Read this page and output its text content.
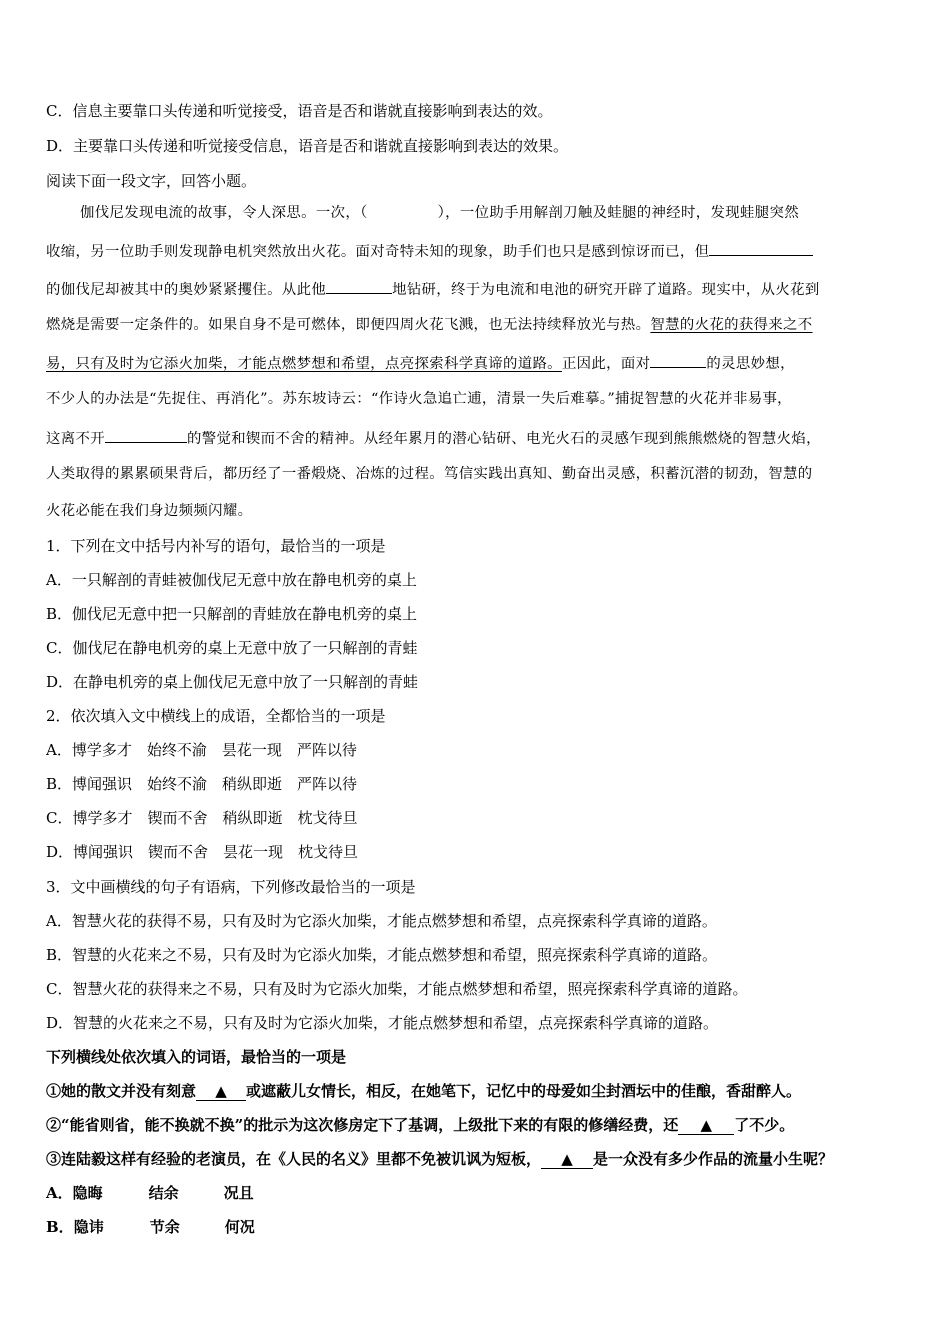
C．信息主要靠口头传递和听觉接受，语音是否和谐就直接影响到表达的效。
D．主要靠口头传递和听觉接受信息，语音是否和谐就直接影响到表达的效果。
阅读下面一段文字，回答小题。
伽伐尼发现电流的故事，令人深思。一次，（	），一位助手用解剖刀触及蛙腿的神经时，发现蛙腿突然
收缩，另一位助手则发现静电机突然放出火花。面对奇特未知的现象，助手们也只是感到惊讶而已，但
的伽伐尼却被其中的奥妙紧紧攫住。从此他	地钻研，终于为电流和电池的研究开辟了道路。现实中，从火花到
燃烧是需要一定条件的。如果自身不是可燃体，即便四周火花飞溅，也无法持续释放光与热。智慧的火花的获得来之不
易，只有及时为它添火加柴，才能点燃梦想和希望，点亮探索科学真谛的道路。正因此，面对	的灵思妙想，
不少人的办法是“先捉住、再消化”。苏东坡诗云：“作诗火急追亡逋，清景一失后难摹。”捕捉智慧的火花并非易事，
这离不开	的警觉和锲而不舍的精神。从经年累月的潜心钻研、电光火石的灵感乍现到熊熊燃烧的智慧火焰，
人类取得的累累硕果背后，都历经了一番煅烧、冶炼的过程。笃信实践出真知、勤奋出灵感，积蓄沉潜的韧劲，智慧的
火花必能在我们身边频频闪耀。
1．下列在文中括号内补写的语句，最恰当的一项是
A．一只解剖的青蛙被伽伐尼无意中放在静电机旁的桌上
B．伽伐尼无意中把一只解剖的青蛙放在静电机旁的桌上
C．伽伐尼在静电机旁的桌上无意中放了一只解剖的青蛙
D．在静电机旁的桌上伽伐尼无意中放了一只解剖的青蛙
2．依次填入文中横线上的成语，全都恰当的一项是
A．博学多才　始终不渝　昙花一现　严阵以待
B．博闻强识　始终不渝　稍纵即逝　严阵以待
C．博学多才　锲而不舍　稍纵即逝　枕戈待旦
D．博闻强识　锲而不舍　昙花一现　枕戈待旦
3．文中画横线的句子有语病，下列修改最恰当的一项是
A．智慧火花的获得不易，只有及时为它添火加柴，才能点燃梦想和希望，点亮探索科学真谛的道路。
B．智慧的火花来之不易，只有及时为它添火加柴，才能点燃梦想和希望，照亮探索科学真谛的道路。
C．智慧火花的获得来之不易，只有及时为它添火加柴，才能点燃梦想和希望，照亮探索科学真谛的道路。
D．智慧的火花来之不易，只有及时为它添火加柴，才能点燃梦想和希望，点亮探索科学真谛的道路。
下列横线处依次填入的词语，最恰当的一项是
①她的散文并没有刻意 ▲ 或遮蔽儿女情长，相反，在她笔下，记忆中的母爱如尘封酒坛中的佳酿，香甜醉人。
②“能省则省，能不换就不换”的批示为这次修房定下了基调，上级批下来的有限的修缮经费，还 ▲ 了不少。
③连陆毅这样有经验的老演员，在《人民的名义》里都不免被讥讽为短板， ▲ 是一众没有多少作品的流量小生呢？
A．隐晦	结余	况且
B．隐讳	节余	何况
